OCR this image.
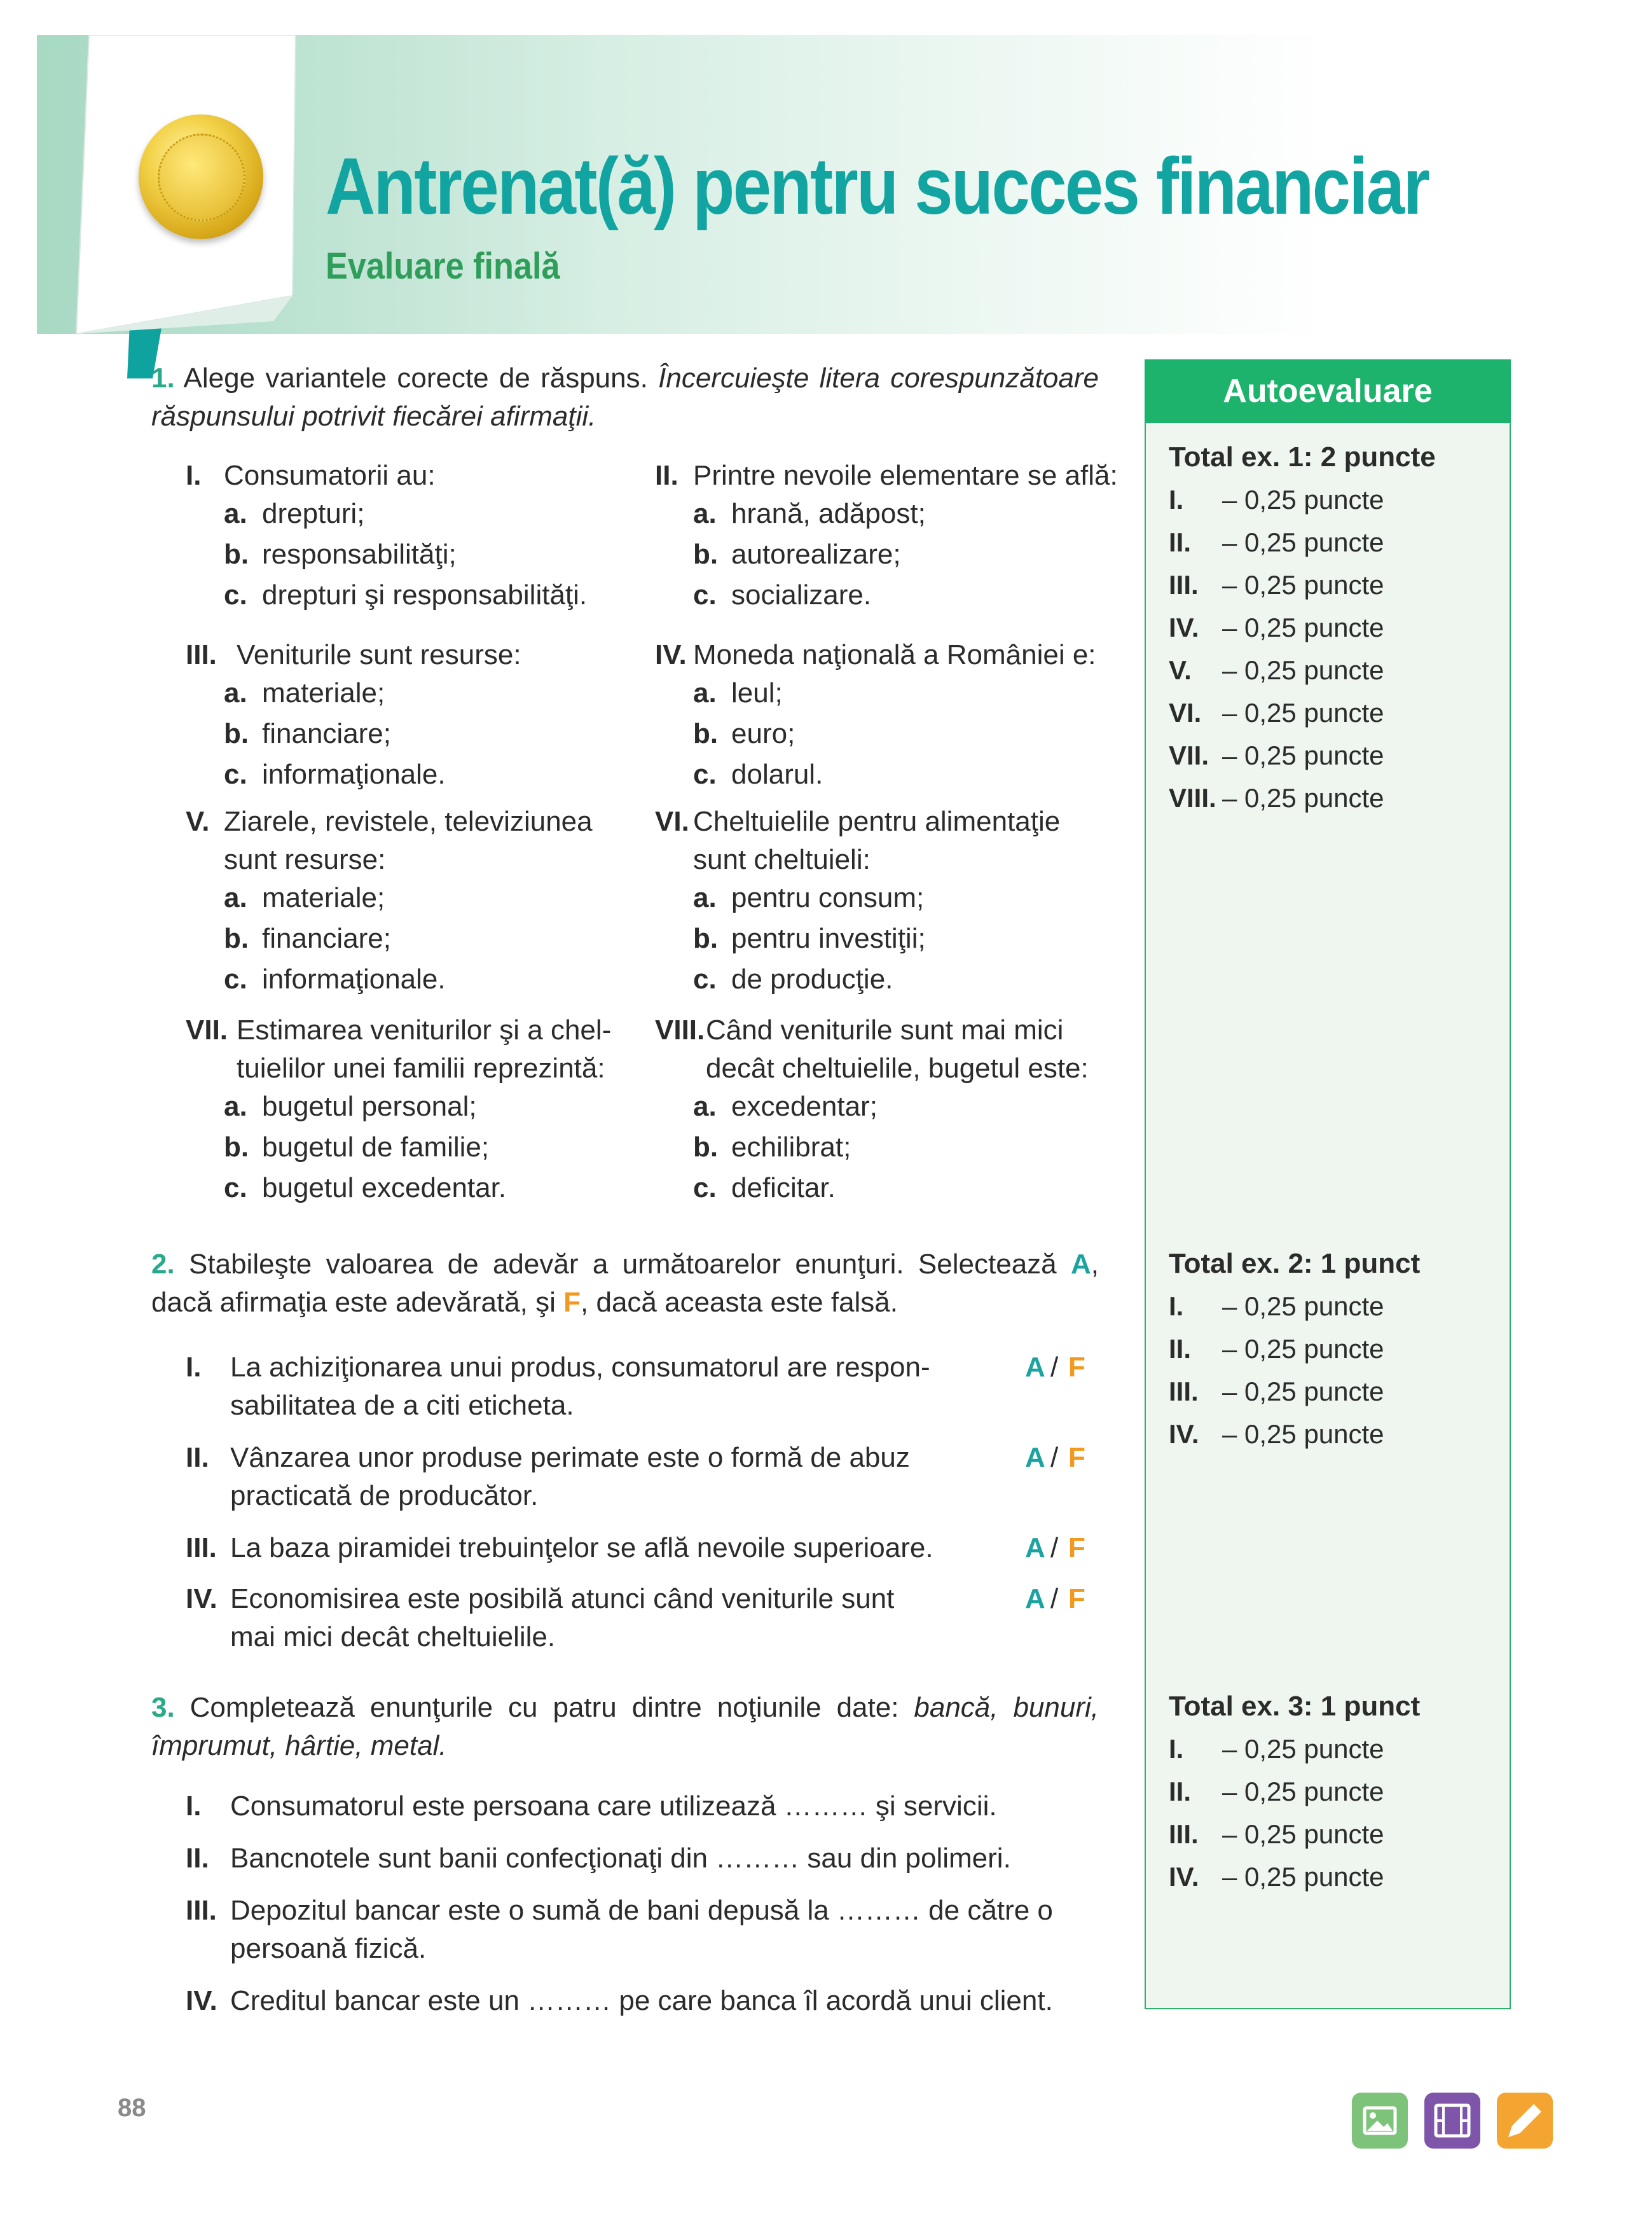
Antrenat(ă) pentru succes financiar
Evaluare finală
1. Alege variantele corecte de răspuns. Încercuieşte litera corespunzătoare răspunsului potrivit fiecărei afirmaţii.
I. Consumatorii au:
a. drepturi;
b. responsabilităţi;
c. drepturi şi responsabilităţi.
II. Printre nevoile elementare se află:
a. hrană, adăpost;
b. autorealizare;
c. socializare.
III. Veniturile sunt resurse:
a. materiale;
b. financiare;
c. informaţionale.
IV. Moneda naţională a României e:
a. leul;
b. euro;
c. dolarul.
V. Ziarele, revistele, televiziunea
sunt resurse:
a. materiale;
b. financiare;
c. informaţionale.
VI. Cheltuielile pentru alimentaţie
sunt cheltuieli:
a. pentru consum;
b. pentru investiţii;
c. de producţie.
VII. Estimarea veniturilor şi a chel-
tuielilor unei familii reprezintă:
a. bugetul personal;
b. bugetul de familie;
c. bugetul excedentar.
VIII. Când veniturile sunt mai mici
decât cheltuielile, bugetul este:
a. excedentar;
b. echilibrat;
c. deficitar.
2. Stabileşte valoarea de adevăr a următoarelor enunţuri. Selectează A, dacă afirmaţia este adevărată, şi F, dacă aceasta este falsă.
I. La achiziţionarea unui produs, consumatorul are respon-
sabilitatea de a citi eticheta.
A / F
II. Vânzarea unor produse perimate este o formă de abuz
practicată de producător.
A / F
III. La baza piramidei trebuinţelor se află nevoile superioare.	A / F
IV. Economisirea este posibilă atunci când veniturile sunt
mai mici decât cheltuielile.
A / F
3. Completează enunţurile cu patru dintre noţiunile date: bancă, bunuri, împrumut, hârtie, metal.
I. Consumatorul este persoana care utilizează ……… şi servicii.
II. Bancnotele sunt banii confecţionaţi din ……… sau din polimeri.
III. Depozitul bancar este o sumă de bani depusă la ……… de către o
persoană fizică.
IV. Creditul bancar este un ……… pe care banca îl acordă unui client.
Autoevaluare
Total ex. 1: 2 puncte
I. – 0,25 puncte
II. – 0,25 puncte
III. – 0,25 puncte
IV. – 0,25 puncte
V. – 0,25 puncte
VI. – 0,25 puncte
VII. – 0,25 puncte
VIII. – 0,25 puncte
Total ex. 2: 1 punct
I. – 0,25 puncte
II. – 0,25 puncte
III. – 0,25 puncte
IV. – 0,25 puncte
Total ex. 3: 1 punct
I. – 0,25 puncte
II. – 0,25 puncte
III. – 0,25 puncte
IV. – 0,25 puncte
88
